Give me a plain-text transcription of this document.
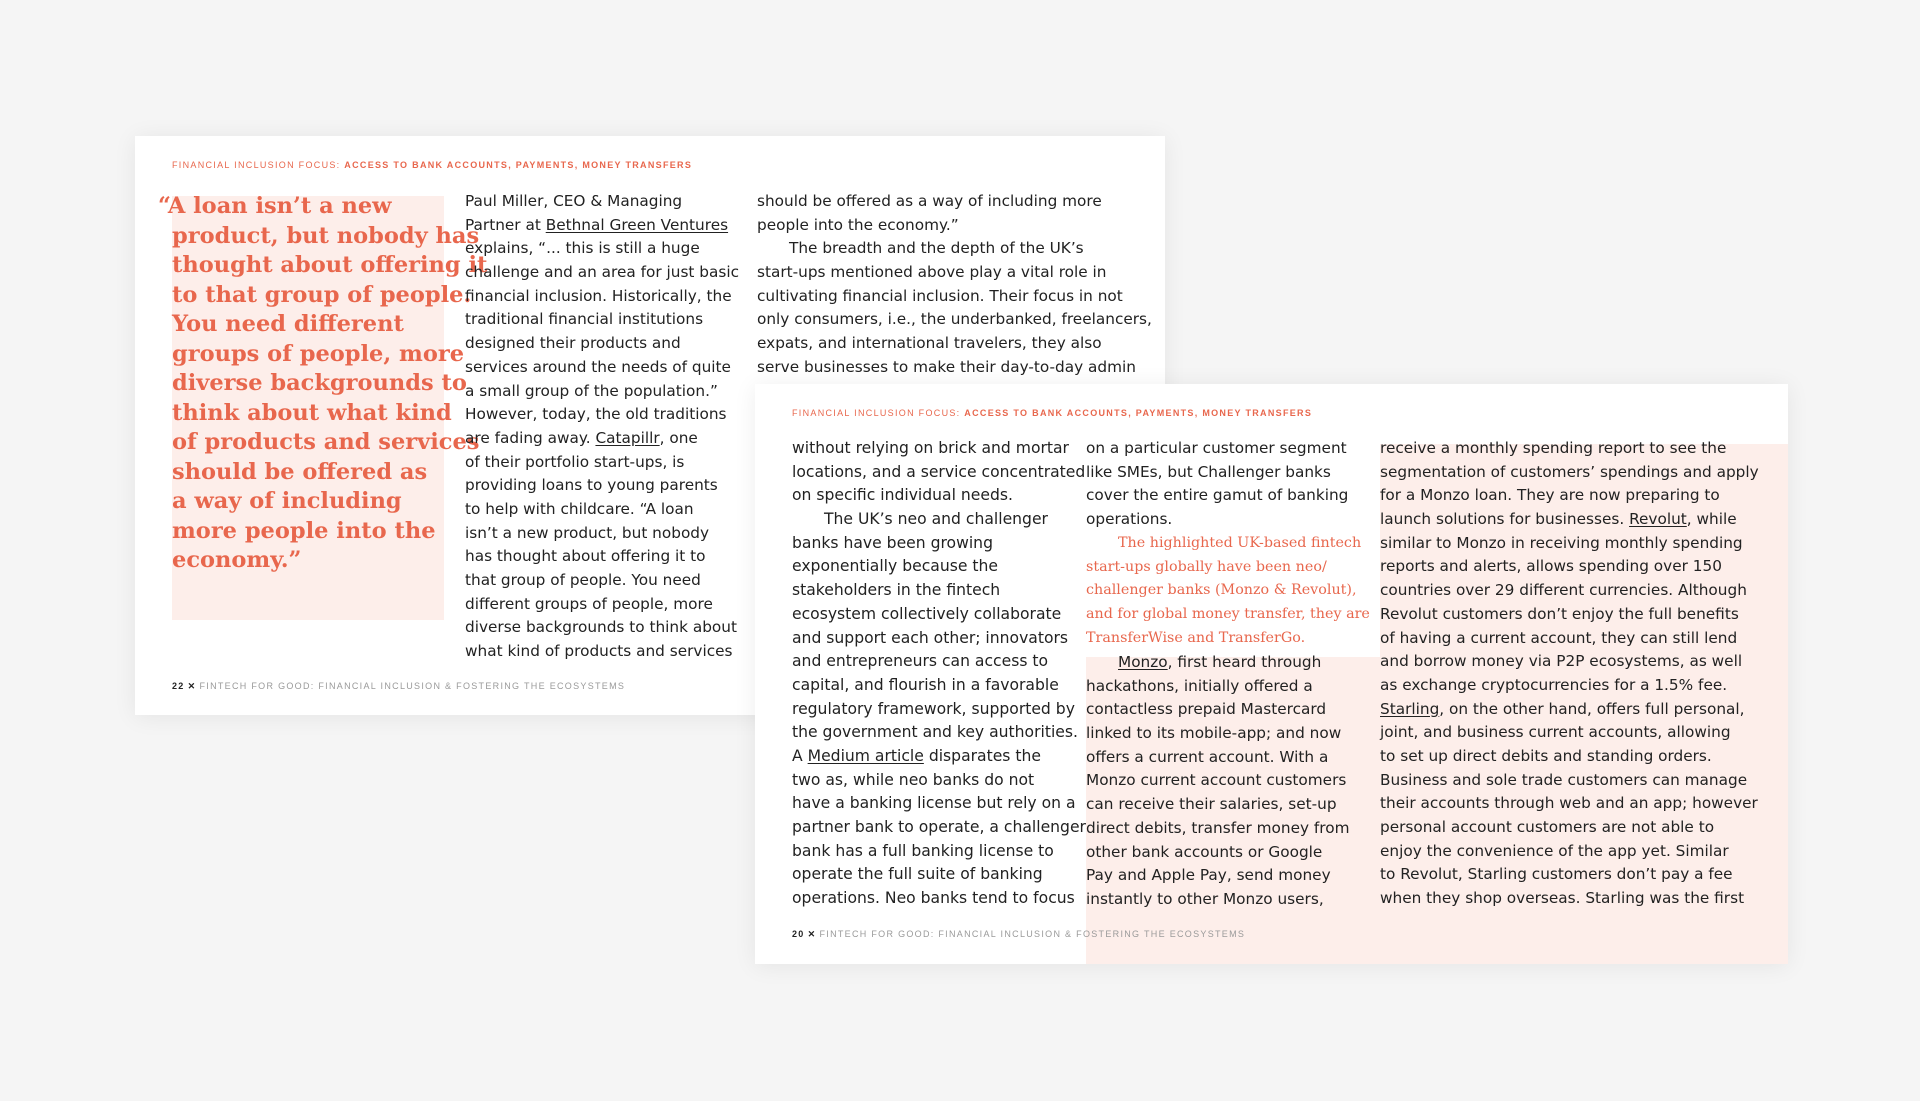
FINANCIAL INCLUSION FOCUS: ACCESS TO BANK ACCOUNTS, PAYMENTS, MONEY TRANSFERS
“A loan isn’t a new
product, but nobody has
thought about offering it
to that group of people.
You need different
groups of people, more
diverse backgrounds to
think about what kind
of products and services
should be offered as
a way of including
more people into the
economy.”
Paul Miller, CEO & Managing
Partner at Bethnal Green Ventures
explains, “... this is still a huge
challenge and an area for just basic
financial inclusion. Historically, the
traditional financial institutions
designed their products and
services around the needs of quite
a small group of the population.”
However, today, the old traditions
are fading away. Catapillr, one
of their portfolio start-ups, is
providing loans to young parents
to help with childcare. “A loan
isn’t a new product, but nobody
has thought about offering it to
that group of people. You need
different groups of people, more
diverse backgrounds to think about
what kind of products and services
should be offered as a way of including more
people into the economy.”
The breadth and the depth of the UK’s
start-ups mentioned above play a vital role in
cultivating financial inclusion. Their focus in not
only consumers, i.e., the underbanked, freelancers,
expats, and international travelers, they also
serve businesses to make their day-to-day admin
22 ✕ FINTECH FOR GOOD: FINANCIAL INCLUSION & FOSTERING THE ECOSYSTEMS
FINANCIAL INCLUSION FOCUS: ACCESS TO BANK ACCOUNTS, PAYMENTS, MONEY TRANSFERS
without relying on brick and mortar
locations, and a service concentrated
on specific individual needs.
The UK’s neo and challenger
banks have been growing
exponentially because the
stakeholders in the fintech
ecosystem collectively collaborate
and support each other; innovators
and entrepreneurs can access to
capital, and flourish in a favorable
regulatory framework, supported by
the government and key authorities.
A Medium article disparates the
two as, while neo banks do not
have a banking license but rely on a
partner bank to operate, a challenger
bank has a full banking license to
operate the full suite of banking
operations. Neo banks tend to focus
on a particular customer segment
like SMEs, but Challenger banks
cover the entire gamut of banking
operations.
The highlighted UK-based fintech
start-ups globally have been neo/
challenger banks (Monzo & Revolut),
and for global money transfer, they are
TransferWise and TransferGo.
Monzo, first heard through
hackathons, initially offered a
contactless prepaid Mastercard
linked to its mobile-app; and now
offers a current account. With a
Monzo current account customers
can receive their salaries, set-up
direct debits, transfer money from
other bank accounts or Google
Pay and Apple Pay, send money
instantly to other Monzo users,
receive a monthly spending report to see the
segmentation of customers’ spendings and apply
for a Monzo loan. They are now preparing to
launch solutions for businesses. Revolut, while
similar to Monzo in receiving monthly spending
reports and alerts, allows spending over 150
countries over 29 different currencies. Although
Revolut customers don’t enjoy the full benefits
of having a current account, they can still lend
and borrow money via P2P ecosystems, as well
as exchange cryptocurrencies for a 1.5% fee.
Starling, on the other hand, offers full personal,
joint, and business current accounts, allowing
to set up direct debits and standing orders.
Business and sole trade customers can manage
their accounts through web and an app; however
personal account customers are not able to
enjoy the convenience of the app yet. Similar
to Revolut, Starling customers don’t pay a fee
when they shop overseas. Starling was the first
20 ✕ FINTECH FOR GOOD: FINANCIAL INCLUSION & FOSTERING THE ECOSYSTEMS
